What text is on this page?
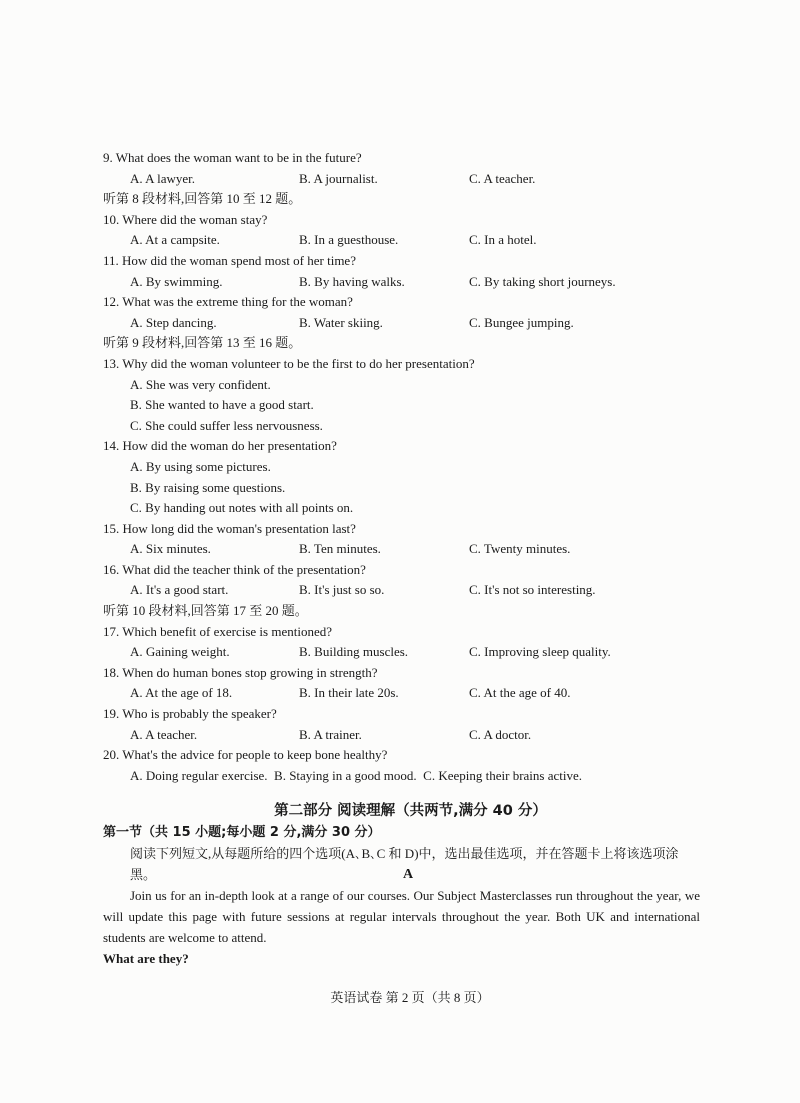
9. What does the woman want to be in the future?
A. A lawyer.	B. A journalist.	C. A teacher.
听第 8 段材料,回答第 10 至 12 题。
10. Where did the woman stay?
A. At a campsite.	B. In a guesthouse.	C. In a hotel.
11. How did the woman spend most of her time?
A. By swimming.	B. By having walks.	C. By taking short journeys.
12. What was the extreme thing for the woman?
A. Step dancing.	B. Water skiing.	C. Bungee jumping.
听第 9 段材料,回答第 13 至 16 题。
13. Why did the woman volunteer to be the first to do her presentation?
A. She was very confident.
B. She wanted to have a good start.
C. She could suffer less nervousness.
14. How did the woman do her presentation?
A. By using some pictures.
B. By raising some questions.
C. By handing out notes with all points on.
15. How long did the woman's presentation last?
A. Six minutes.	B. Ten minutes.	C. Twenty minutes.
16. What did the teacher think of the presentation?
A. It's a good start.	B. It's just so so.	C. It's not so interesting.
听第 10 段材料,回答第 17 至 20 题。
17. Which benefit of exercise is mentioned?
A. Gaining weight.	B. Building muscles.	C. Improving sleep quality.
18. When do human bones stop growing in strength?
A. At the age of 18.	B. In their late 20s.	C. At the age of 40.
19. Who is probably the speaker?
A. A teacher.	B. A trainer.	C. A doctor.
20. What's the advice for people to keep bone healthy?
A. Doing regular exercise.  B. Staying in a good mood.  C. Keeping their brains active.
第二部分 阅读理解（共两节,满分 40 分）
第一节（共 15 小题;每小题 2 分,满分 30 分）
阅读下列短文,从每题所给的四个选项(A､B､C 和 D)中，选出最佳选项，并在答题卡上将该选项涂黑。	A
Join us for an in-depth look at a range of our courses. Our Subject Masterclasses run throughout the year, we will update this page with future sessions at regular intervals throughout the year. Both UK and international students are welcome to attend.
What are they?
英语试卷 第 2 页（共 8 页）
